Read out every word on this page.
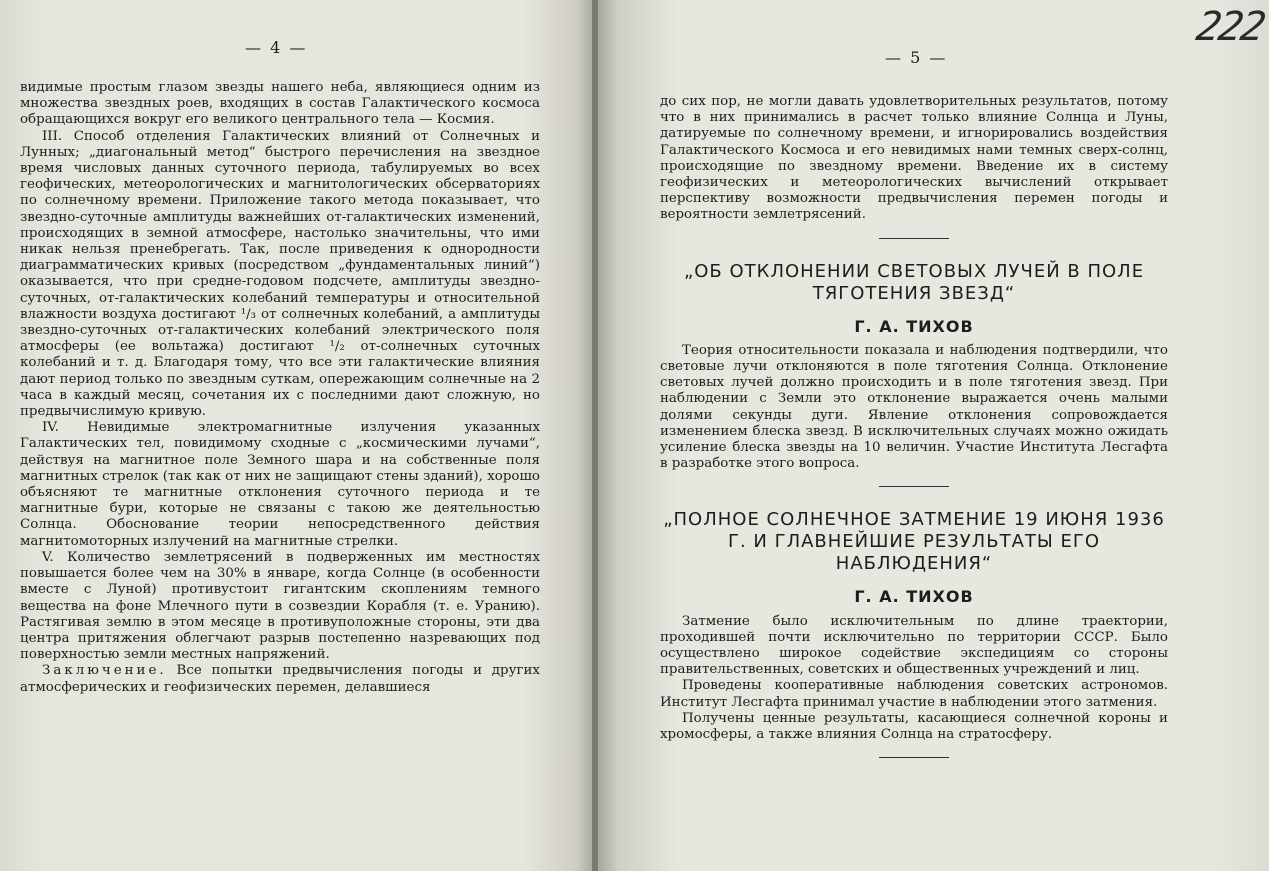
— 4 —

видимые простым глазом звезды нашего неба, являющиеся одним из множества звездных роев, входящих в состав Галактического космоса обращающихся вокруг его великого центрального тела — Космия.

III. Способ отделения Галактических влияний от Солнечных и Лунных; „диагональный метод“ быстрого перечисления на звездное время числовых данных суточного периода, табулируемых во всех геофических, метеорологических и магнитологических обсерваториях по солнечному времени. Приложение такого метода показывает, что звездно-суточные амплитуды важнейших от-галактических изменений, происходящих в земной атмосфере, настолько значительны, что ими никак нельзя пренебрегать. Так, после приведения к однородности диаграмматических кривых (посредством „фундаментальных линий“) оказывается, что при средне-годовом подсчете, амплитуды звездно-суточных, от-галактических колебаний температуры и относительной влажности воздуха достигают ¹/₃ от солнечных колебаний, а амплитуды звездно-суточных от-галактических колебаний электрического поля атмосферы (ее вольтажа) достигают ¹/₂ от-солнечных суточных колебаний и т. д. Благодаря тому, что все эти галактические влияния дают период только по звездным суткам, опережающим солнечные на 2 часа в каждый месяц, сочетания их с последними дают сложную, но предвычислимую кривую.

IV. Невидимые электромагнитные излучения указанных Галактических тел, повидимому сходные с „космическими лучами“, действуя на магнитное поле Земного шара и на собственные поля магнитных стрелок (так как от них не защищают стены зданий), хорошо объясняют те магнитные отклонения суточного периода и те магнитные бури, которые не связаны с такою же деятельностью Солнца. Обоснование теории непосредственного действия магнитомоторных излучений на магнитные стрелки.

V. Количество землетрясений в подверженных им местностях повышается более чем на 30% в январе, когда Солнце (в особенности вместе с Луной) противустоит гигантским скоплениям темного вещества на фоне Млечного пути в созвездии Корабля (т. е. Уранию). Растягивая землю в этом месяце в противуположные стороны, эти два центра притяжения облегчают разрыв постепенно назревающих под поверхностью земли местных напряжений.

Заключение. Все попытки предвычисления погоды и других атмосферических и геофизических перемен, делавшиеся

— 5 —
222

до сих пор, не могли давать удовлетворительных результатов, потому что в них принимались в расчет только влияние Солнца и Луны, датируемые по солнечному времени, и игнорировались воздействия Галактического Космоса и его невидимых нами темных сверх-солнц, происходящие по звездному времени. Введение их в систему геофизических и метеорологических вычислений открывает перспективу возможности предвычисления перемен погоды и вероятности землетрясений.

„ОБ ОТКЛОНЕНИИ СВЕТОВЫХ ЛУЧЕЙ В ПОЛЕ ТЯГОТЕНИЯ ЗВЕЗД“
Г. А. ТИХОВ

Теория относительности показала и наблюдения подтвердили, что световые лучи отклоняются в поле тяготения Солнца. Отклонение световых лучей должно происходить и в поле тяготения звезд. При наблюдении с Земли это отклонение выражается очень малыми долями секунды дуги. Явление отклонения сопровождается изменением блеска звезд. В исключительных случаях можно ожидать усиление блеска звезды на 10 величин. Участие Института Лесгафта в разработке этого вопроса.

„ПОЛНОЕ СОЛНЕЧНОЕ ЗАТМЕНИЕ 19 ИЮНЯ 1936 Г. И ГЛАВНЕЙШИЕ РЕЗУЛЬТАТЫ ЕГО НАБЛЮДЕНИЯ“
Г. А. ТИХОВ

Затмение было исключительным по длине траектории, проходившей почти исключительно по территории СССР. Было осуществлено широкое содействие экспедициям со стороны правительственных, советских и общественных учреждений и лиц.

Проведены кооперативные наблюдения советских астрономов. Институт Лесгафта принимал участие в наблюдении этого затмения.

Получены ценные результаты, касающиеся солнечной короны и хромосферы, а также влияния Солнца на стратосферу.
